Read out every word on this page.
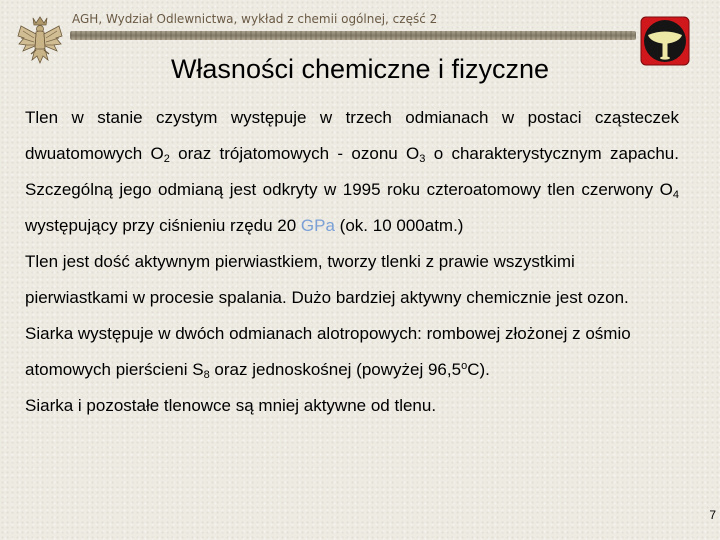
AGH, Wydział Odlewnictwa, wykład z chemii ogólnej, część 2
Własności chemiczne i fizyczne

Tlen w stanie czystym występuje w trzech odmianach w postaci cząsteczek dwuatomowych $O_2$ oraz trójatomowych - ozonu $O_3$ o charakterystycznym zapachu. Szczególną jego odmianą jest odkryty w 1995 roku czteroatomowy tlen czerwony $O_4$ występujący przy ciśnieniu rzędu 20 GPa (ok. 10 000atm.)

Tlen jest dość aktywnym pierwiastkiem, tworzy tlenki z prawie wszystkimi pierwiastkami w procesie spalania. Dużo bardziej aktywny chemicznie jest ozon.

Siarka występuje w dwóch odmianach alotropowych: rombowej złożonej z ośmio atomowych pierścieni $S_8$ oraz jednoskośnej (powyżej 96,5$^o$C).

Siarka i pozostałe tlenowce są mniej aktywne od tlenu.

7
